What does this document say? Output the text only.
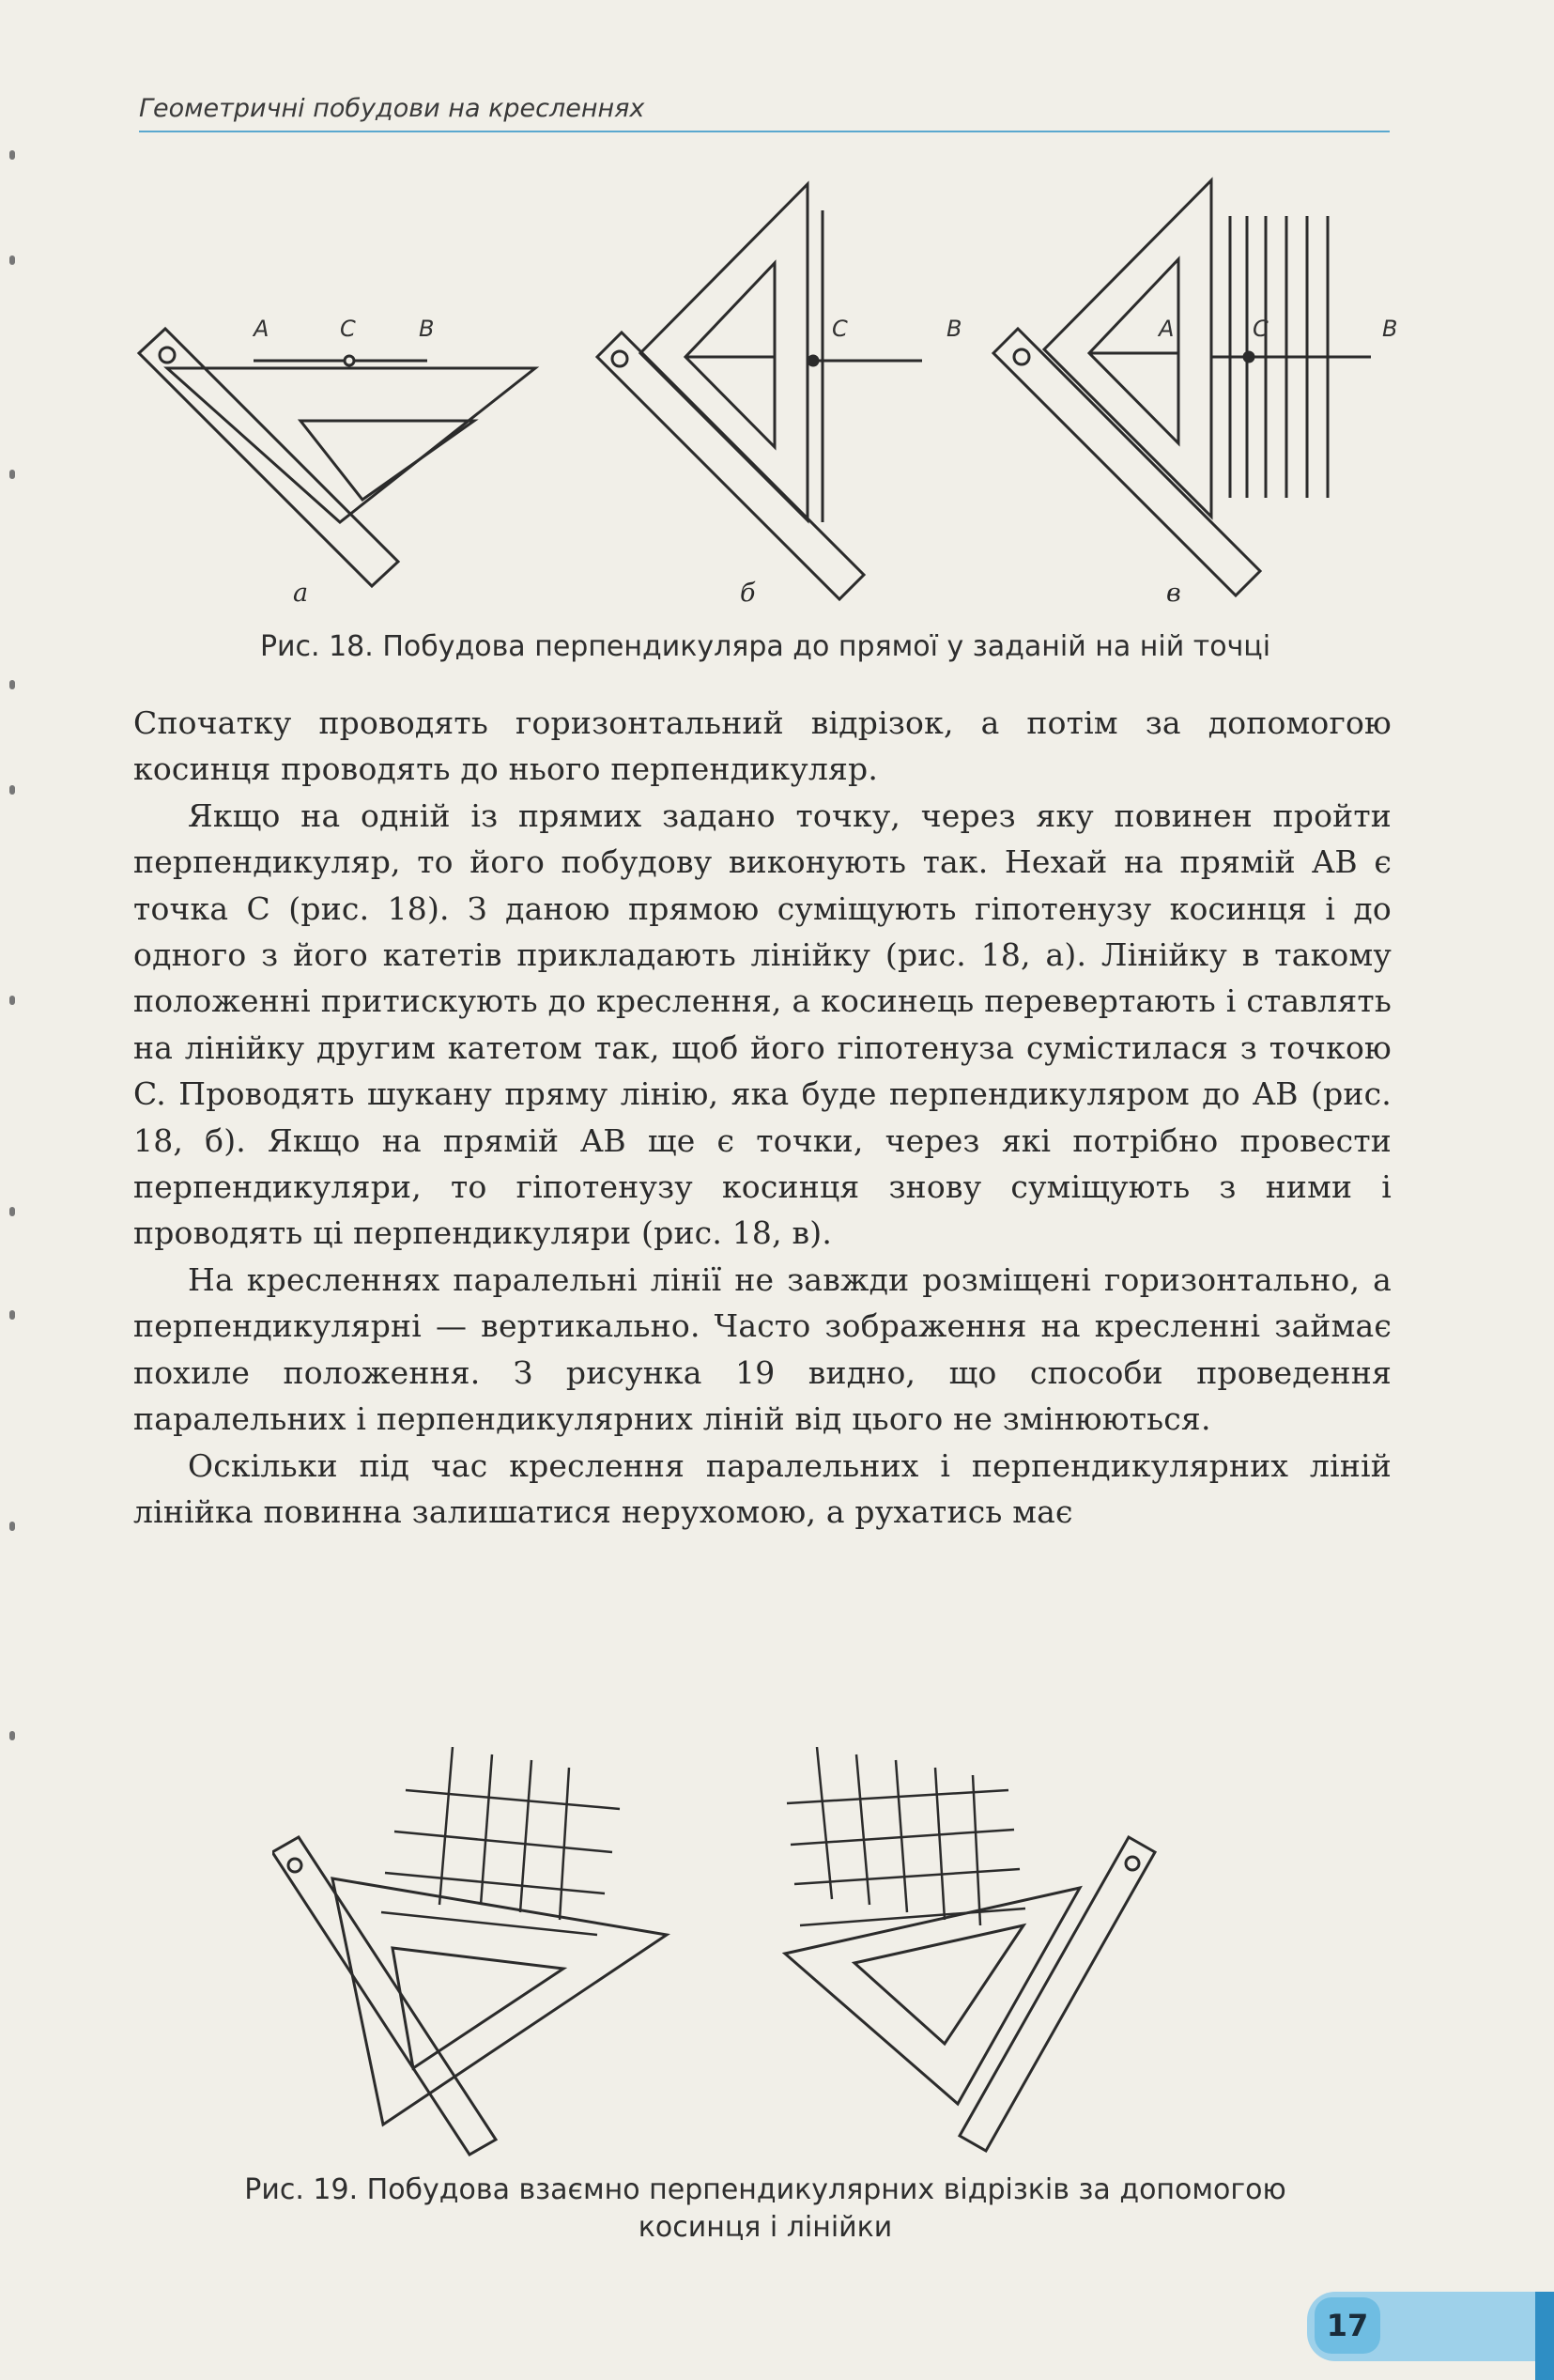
Геометричні побудови на кресленнях
A	C	B	C	B	A	C	B
а	б	в
Рис. 18. Побудова перпендикуляра до прямої у заданій на ній точці

Спочатку проводять горизонтальний відрізок, а потім за допомогою косинця проводять до нього перпендикуляр.

Якщо на одній із прямих задано точку, через яку повинен пройти перпендикуляр, то його побудову виконують так. Нехай на прямій AB є точка C (рис. 18). З даною прямою суміщують гіпотенузу косинця і до одного з його катетів прикладають лінійку (рис. 18, а). Лінійку в такому положенні притискують до креслення, а косинець перевертають і ставлять на лінійку другим катетом так, щоб його гіпотенуза сумістилася з точкою C. Проводять шукану пряму лінію, яка буде перпендикуляром до AB (рис. 18, б). Якщо на прямій AB ще є точки, через які потрібно провести перпендикуляри, то гіпотенузу косинця знову суміщують з ними і проводять ці перпендикуляри (рис. 18, в).

На кресленнях паралельні лінії не завжди розміщені горизонтально, а перпендикулярні — вертикально. Часто зображення на кресленні займає похиле положення. З рисунка 19 видно, що способи проведення паралельних і перпендикулярних ліній від цього не змінюються.

Оскільки під час креслення паралельних і перпендикулярних ліній лінійка повинна залишатися нерухомою, а рухатись має

Рис. 19. Побудова взаємно перпендикулярних відрізків за допомогою
косинця і лінійки
17
